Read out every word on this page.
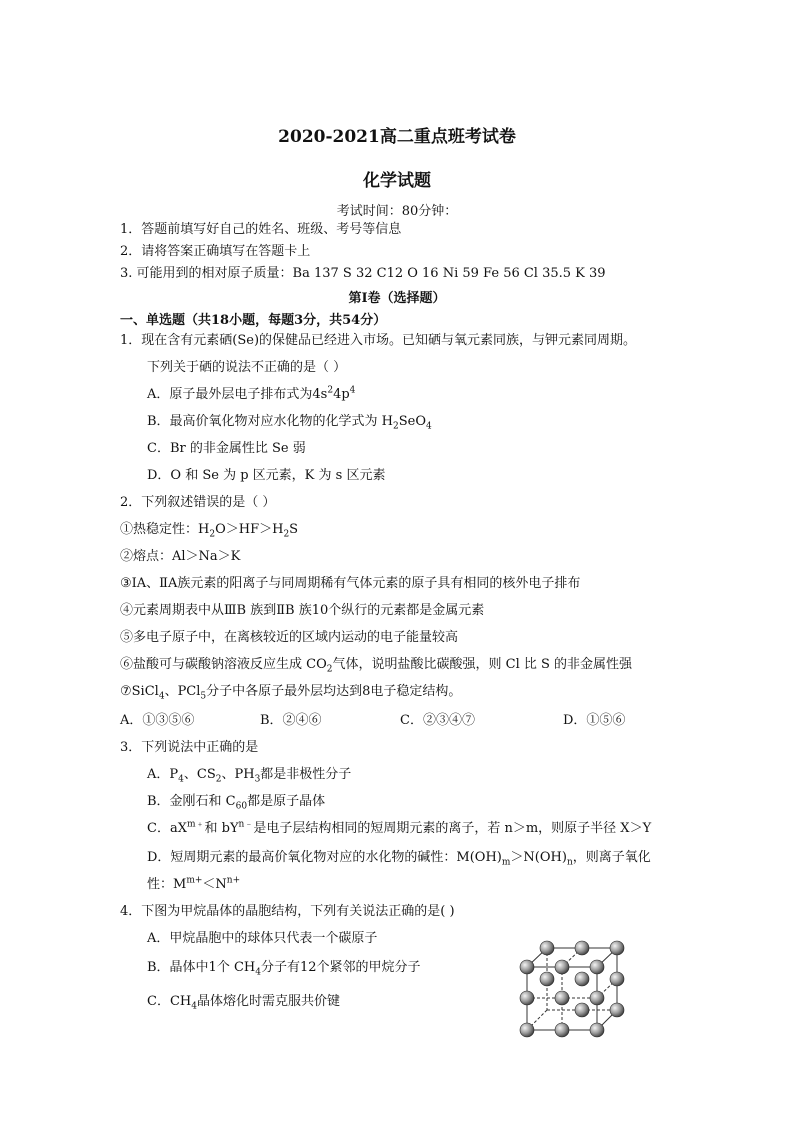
2020-2021高二重点班考试卷
化学试题
考试时间：80分钟：
1．答题前填写好自己的姓名、班级、考号等信息
2．请将答案正确填写在答题卡上
3. 可能用到的相对原子质量：Ba 137 S 32 C12 O 16 Ni 59 Fe 56 Cl 35.5 K 39
第Ⅰ卷（选择题）
一、单选题（共18小题，每题3分，共54分）
1．现在含有元素硒(Se)的保健品已经进入市场。已知硒与氧元素同族，与钾元素同周期。
下列关于硒的说法不正确的是（ ）
A．原子最外层电子排布式为$4s^24p^4$
B．最高价氧化物对应水化物的化学式为 $H_2SeO_4$
C．Br 的非金属性比 Se 弱
D．O 和 Se 为 p 区元素，K 为 s 区元素
2．下列叙述错误的是（ ）
①热稳定性：$H_2O>HF>H_2S$
②熔点：Al＞Na＞K
③ⅠA、ⅡA族元素的阳离子与同周期稀有气体元素的原子具有相同的核外电子排布
④元素周期表中从ⅢB 族到ⅡB 族10个纵行的元素都是金属元素
⑤多电子原子中，在离核较近的区域内运动的电子能量较高
⑥盐酸可与碳酸钠溶液反应生成 $CO_2$气体，说明盐酸比碳酸强，则 Cl 比 S 的非金属性强
⑦SiCl$_4$、PCl$_5$分子中各原子最外层均达到8电子稳定结构。
A．①③⑤⑥	B．②④⑥	C．②③④⑦	D．①⑤⑥
3．下列说法中正确的是
A．$P_4$、$CS_2$、$PH_3$都是非极性分子
B．金刚石和 $C_{60}$都是原子晶体
C．$aX^{m﹢}$和 $bY^{n﹣}$是电子层结构相同的短周期元素的离子，若 n＞m，则原子半径 X＞Y
D．短周期元素的最高价氧化物对应的水化物的碱性：$M(OH)_m>N(OH)_n$，则离子氧化
性：$M^{m+}<N^{n+}$
4．下图为甲烷晶体的晶胞结构，下列有关说法正确的是( )
A．甲烷晶胞中的球体只代表一个碳原子
B．晶体中1个 $CH_4$分子有12个紧邻的甲烷分子
C．$CH_4$晶体熔化时需克服共价键
